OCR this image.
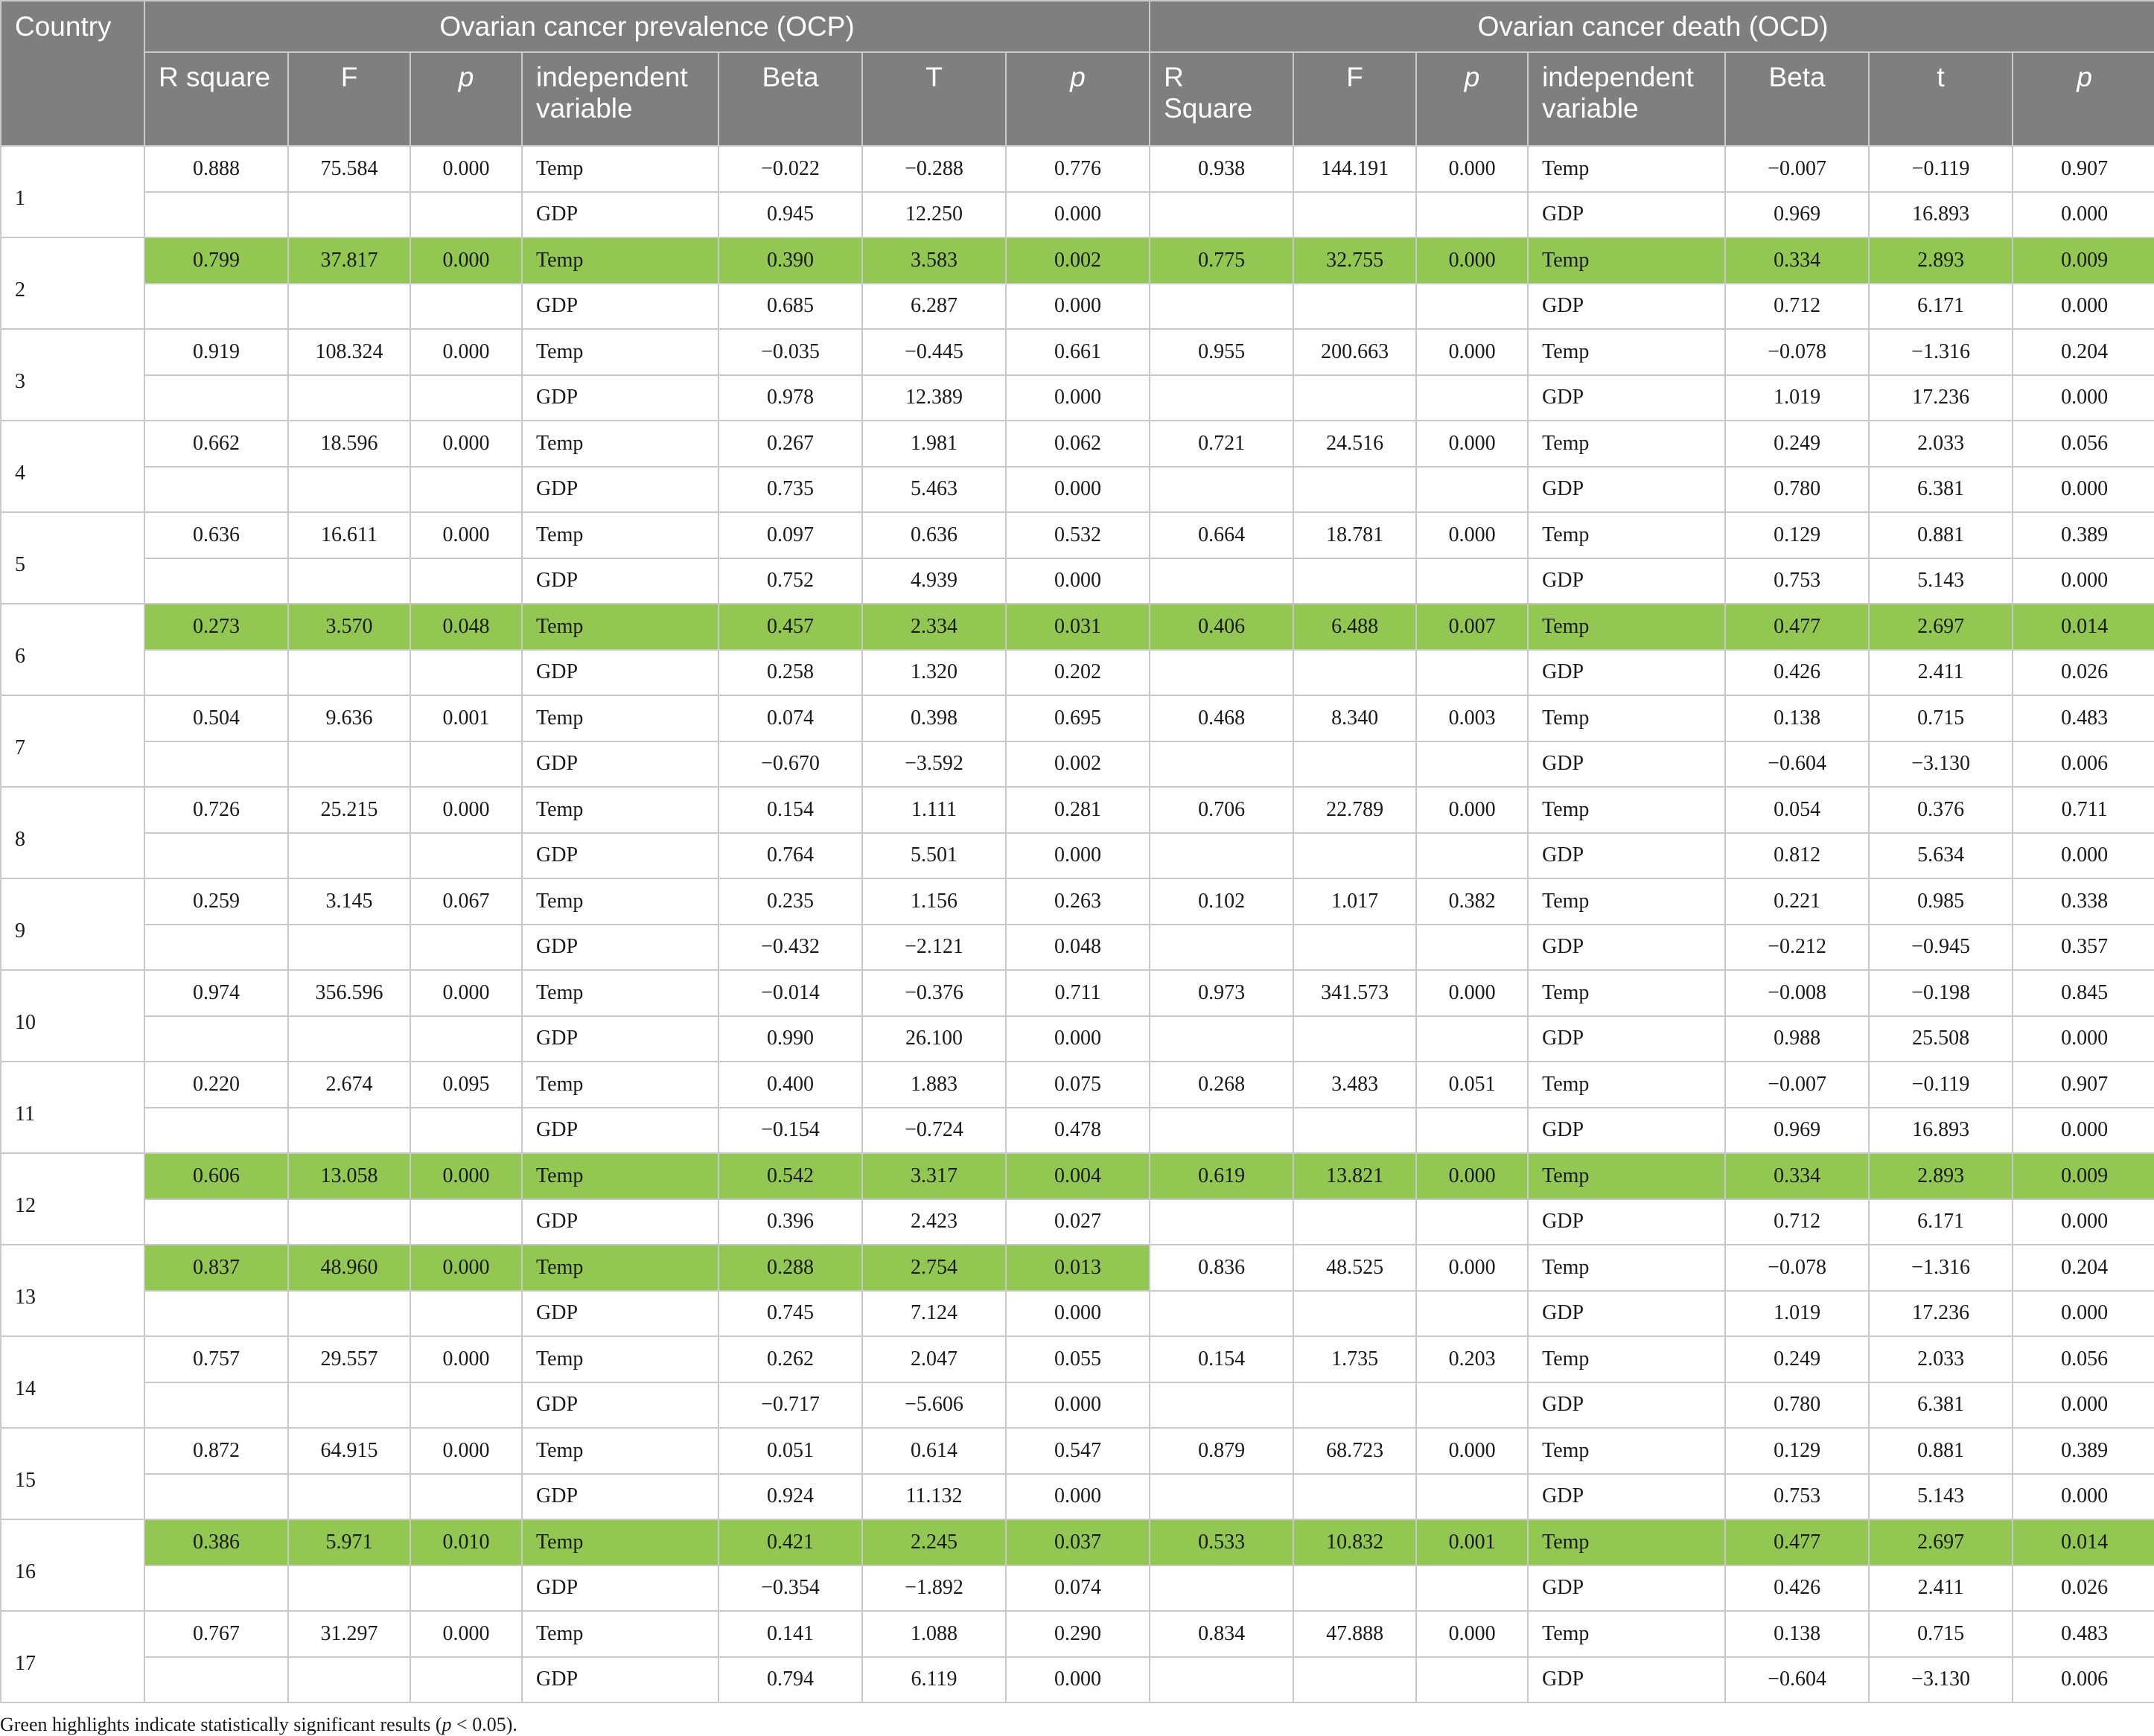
Country	Ovarian cancer prevalence (OCP)							Ovarian cancer death (OCD)						
	R square	F	p	independent variable	Beta	T	p	R Square	F	p	independent variable	Beta	t	p
1	0.888	75.584	0.000	Temp	−0.022	−0.288	0.776	0.938	144.191	0.000	Temp	−0.007	−0.119	0.907
				GDP	0.945	12.250	0.000				GDP	0.969	16.893	0.000
2	0.799	37.817	0.000	Temp	0.390	3.583	0.002	0.775	32.755	0.000	Temp	0.334	2.893	0.009
				GDP	0.685	6.287	0.000				GDP	0.712	6.171	0.000
3	0.919	108.324	0.000	Temp	−0.035	−0.445	0.661	0.955	200.663	0.000	Temp	−0.078	−1.316	0.204
				GDP	0.978	12.389	0.000				GDP	1.019	17.236	0.000
4	0.662	18.596	0.000	Temp	0.267	1.981	0.062	0.721	24.516	0.000	Temp	0.249	2.033	0.056
				GDP	0.735	5.463	0.000				GDP	0.780	6.381	0.000
5	0.636	16.611	0.000	Temp	0.097	0.636	0.532	0.664	18.781	0.000	Temp	0.129	0.881	0.389
				GDP	0.752	4.939	0.000				GDP	0.753	5.143	0.000
6	0.273	3.570	0.048	Temp	0.457	2.334	0.031	0.406	6.488	0.007	Temp	0.477	2.697	0.014
				GDP	0.258	1.320	0.202				GDP	0.426	2.411	0.026
7	0.504	9.636	0.001	Temp	0.074	0.398	0.695	0.468	8.340	0.003	Temp	0.138	0.715	0.483
				GDP	−0.670	−3.592	0.002				GDP	−0.604	−3.130	0.006
8	0.726	25.215	0.000	Temp	0.154	1.111	0.281	0.706	22.789	0.000	Temp	0.054	0.376	0.711
				GDP	0.764	5.501	0.000				GDP	0.812	5.634	0.000
9	0.259	3.145	0.067	Temp	0.235	1.156	0.263	0.102	1.017	0.382	Temp	0.221	0.985	0.338
				GDP	−0.432	−2.121	0.048				GDP	−0.212	−0.945	0.357
10	0.974	356.596	0.000	Temp	−0.014	−0.376	0.711	0.973	341.573	0.000	Temp	−0.008	−0.198	0.845
				GDP	0.990	26.100	0.000				GDP	0.988	25.508	0.000
11	0.220	2.674	0.095	Temp	0.400	1.883	0.075	0.268	3.483	0.051	Temp	−0.007	−0.119	0.907
				GDP	−0.154	−0.724	0.478				GDP	0.969	16.893	0.000
12	0.606	13.058	0.000	Temp	0.542	3.317	0.004	0.619	13.821	0.000	Temp	0.334	2.893	0.009
				GDP	0.396	2.423	0.027				GDP	0.712	6.171	0.000
13	0.837	48.960	0.000	Temp	0.288	2.754	0.013	0.836	48.525	0.000	Temp	−0.078	−1.316	0.204
				GDP	0.745	7.124	0.000				GDP	1.019	17.236	0.000
14	0.757	29.557	0.000	Temp	0.262	2.047	0.055	0.154	1.735	0.203	Temp	0.249	2.033	0.056
				GDP	−0.717	−5.606	0.000				GDP	0.780	6.381	0.000
15	0.872	64.915	0.000	Temp	0.051	0.614	0.547	0.879	68.723	0.000	Temp	0.129	0.881	0.389
				GDP	0.924	11.132	0.000				GDP	0.753	5.143	0.000
16	0.386	5.971	0.010	Temp	0.421	2.245	0.037	0.533	10.832	0.001	Temp	0.477	2.697	0.014
				GDP	−0.354	−1.892	0.074				GDP	0.426	2.411	0.026
17	0.767	31.297	0.000	Temp	0.141	1.088	0.290	0.834	47.888	0.000	Temp	0.138	0.715	0.483
				GDP	0.794	6.119	0.000				GDP	−0.604	−3.130	0.006
Green highlights indicate statistically significant results (p < 0.05).
